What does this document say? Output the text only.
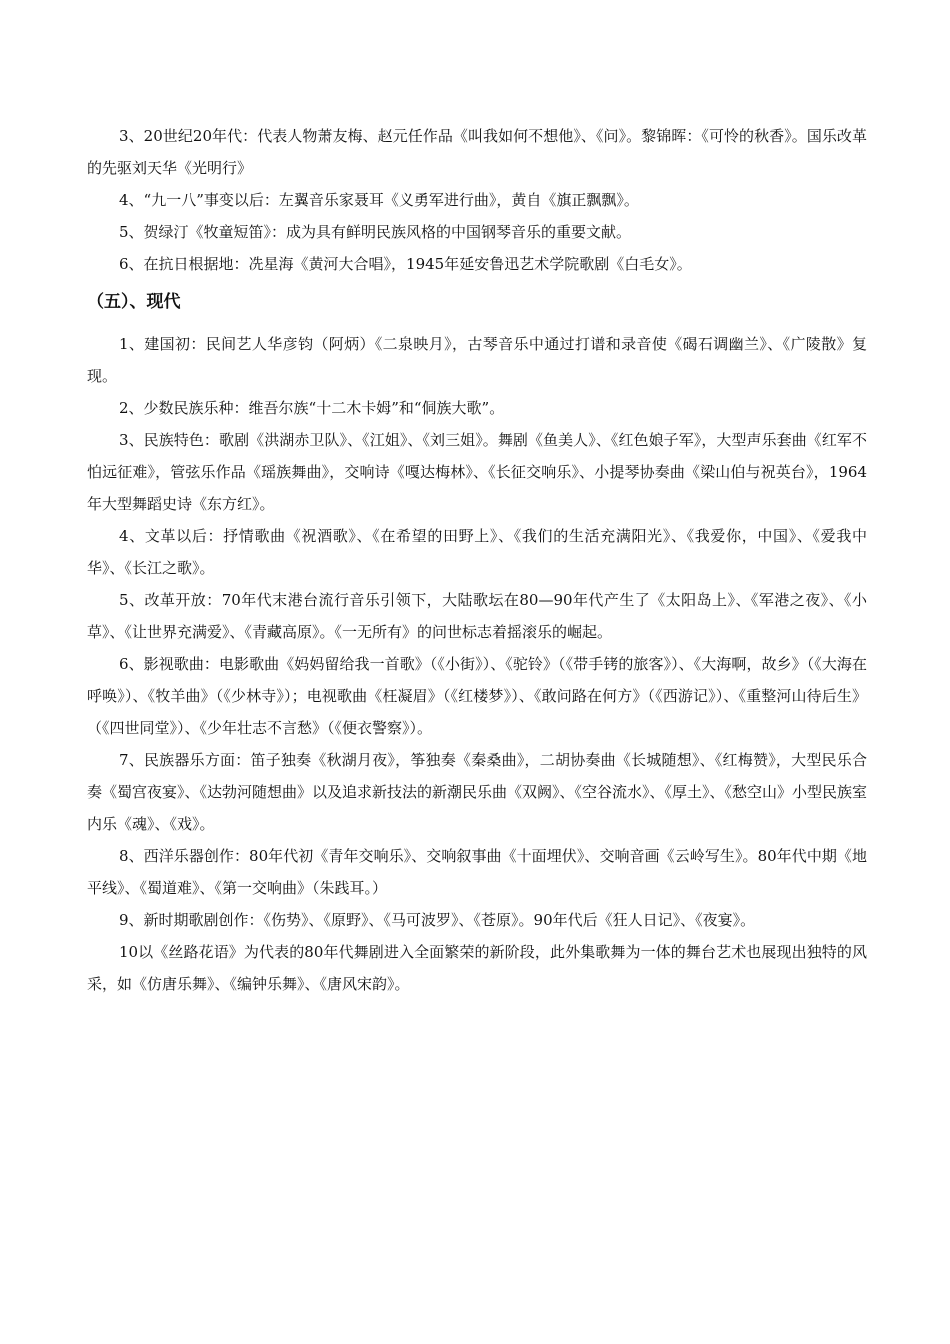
3、20世纪20年代：代表人物萧友梅、赵元任作品《叫我如何不想他》、《问》。黎锦晖：《可怜的秋香》。国乐改革的先驱刘天华《光明行》

4、“九一八”事变以后：左翼音乐家聂耳《义勇军进行曲》，黄自《旗正飘飘》。

5、贺绿汀《牧童短笛》：成为具有鲜明民族风格的中国钢琴音乐的重要文献。

6、在抗日根据地：冼星海《黄河大合唱》，1945年延安鲁迅艺术学院歌剧《白毛女》。

（五）、现代

1、建国初：民间艺人华彦钧（阿炳）《二泉映月》，古琴音乐中通过打谱和录音使《碣石调幽兰》、《广陵散》复现。

2、少数民族乐种：维吾尔族“十二木卡姆”和“侗族大歌”。

3、民族特色：歌剧《洪湖赤卫队》、《江姐》、《刘三姐》。舞剧《鱼美人》、《红色娘子军》，大型声乐套曲《红军不怕远征难》，管弦乐作品《瑶族舞曲》，交响诗《嘎达梅林》、《长征交响乐》、小提琴协奏曲《梁山伯与祝英台》，1964年大型舞蹈史诗《东方红》。

4、文革以后：抒情歌曲《祝酒歌》、《在希望的田野上》、《我们的生活充满阳光》、《我爱你，中国》、《爱我中华》、《长江之歌》。

5、改革开放：70年代末港台流行音乐引领下，大陆歌坛在80—90年代产生了《太阳岛上》、《军港之夜》、《小草》、《让世界充满爱》、《青藏高原》。《一无所有》的问世标志着摇滚乐的崛起。

6、影视歌曲：电影歌曲《妈妈留给我一首歌》（《小街》）、《驼铃》（《带手铐的旅客》）、《大海啊，故乡》（《大海在呼唤》）、《牧羊曲》（《少林寺》）；电视歌曲《枉凝眉》（《红楼梦》）、《敢问路在何方》（《西游记》）、《重整河山待后生》（《四世同堂》）、《少年壮志不言愁》（《便衣警察》）。

7、民族器乐方面：笛子独奏《秋湖月夜》，筝独奏《秦桑曲》，二胡协奏曲《长城随想》、《红梅赞》，大型民乐合奏《蜀宫夜宴》、《达勃河随想曲》以及追求新技法的新潮民乐曲《双阙》、《空谷流水》、《厚土》、《愁空山》小型民族室内乐《魂》、《戏》。

8、西洋乐器创作：80年代初《青年交响乐》、交响叙事曲《十面埋伏》、交响音画《云岭写生》。80年代中期《地平线》、《蜀道难》、《第一交响曲》（朱践耳。）

9、新时期歌剧创作：《伤势》、《原野》、《马可波罗》、《苍原》。90年代后《狂人日记》、《夜宴》。

10以《丝路花语》为代表的80年代舞剧进入全面繁荣的新阶段，此外集歌舞为一体的舞台艺术也展现出独特的风采，如《仿唐乐舞》、《编钟乐舞》、《唐风宋韵》。
